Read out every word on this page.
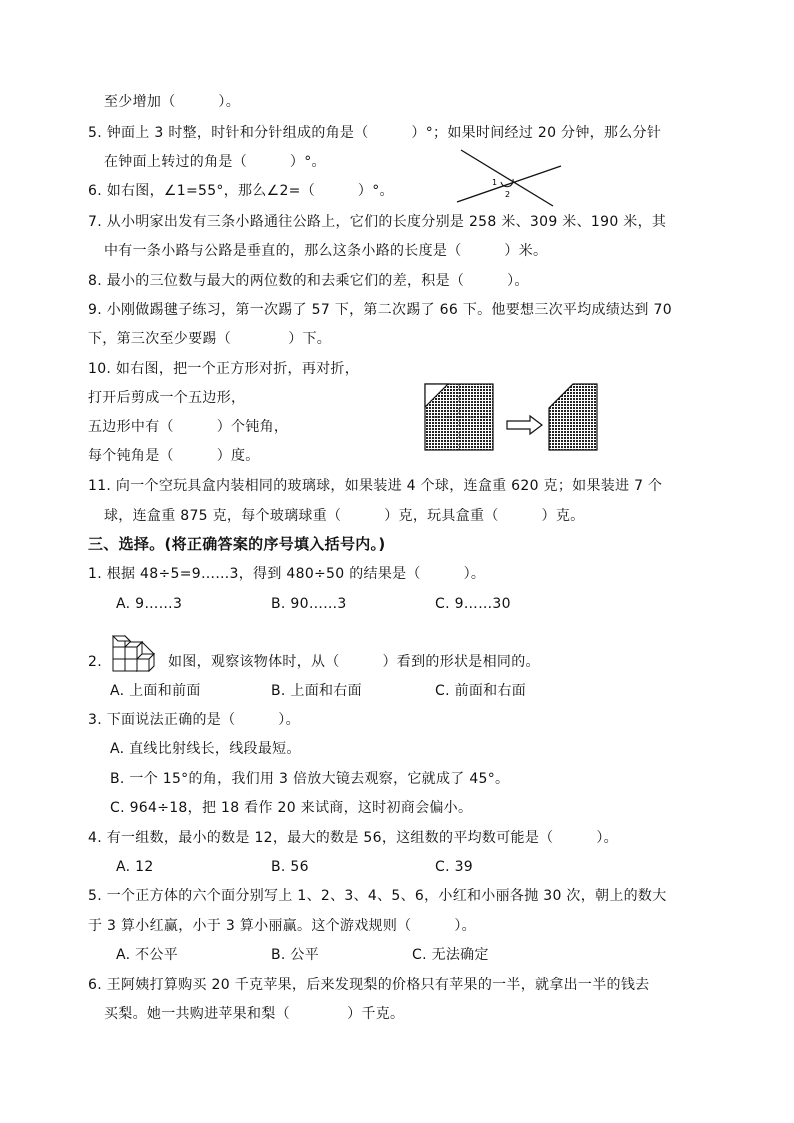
至少增加（　　　）。
5. 钟面上 3 时整，时针和分针组成的角是（　　　）°；如果时间经过 20 分钟，那么分针
在钟面上转过的角是（　　　）°。
6. 如右图，∠1=55°，那么∠2=（　　　）°。
1
2
7. 从小明家出发有三条小路通往公路上，它们的长度分别是 258 米、309 米、190 米，其
中有一条小路与公路是垂直的，那么这条小路的长度是（　　　）米。
8. 最小的三位数与最大的两位数的和去乘它们的差，积是（　　　）。
9. 小刚做踢毽子练习，第一次踢了 57 下，第二次踢了 66 下。他要想三次平均成绩达到 70
下，第三次至少要踢（　　　　）下。
10. 如右图，把一个正方形对折，再对折，
打开后剪成一个五边形，
五边形中有（　　　）个钝角，
每个钝角是（　　　）度。
11. 向一个空玩具盒内装相同的玻璃球，如果装进 4 个球，连盒重 620 克；如果装进 7 个
球，连盒重 875 克，每个玻璃球重（　　　）克，玩具盒重（　　　）克。
三、选择。(将正确答案的序号填入括号内。)
1. 根据 48÷5=9……3，得到 480÷50 的结果是（　　　）。
A. 9……3	B. 90……3	C. 9……30
2.	如图，观察该物体时，从（　　　）看到的形状是相同的。
A. 上面和前面	B. 上面和右面	C. 前面和右面
3. 下面说法正确的是（　　　）。
A. 直线比射线长，线段最短。
B. 一个 15°的角，我们用 3 倍放大镜去观察，它就成了 45°。
C. 964÷18，把 18 看作 20 来试商，这时初商会偏小。
4. 有一组数，最小的数是 12，最大的数是 56，这组数的平均数可能是（　　　）。
A. 12	B. 56	C. 39
5. 一个正方体的六个面分别写上 1、2、3、4、5、6，小红和小丽各抛 30 次，朝上的数大
于 3 算小红赢，小于 3 算小丽赢。这个游戏规则（　　　）。
A. 不公平	B. 公平	C. 无法确定
6. 王阿姨打算购买 20 千克苹果，后来发现梨的价格只有苹果的一半，就拿出一半的钱去
买梨。她一共购进苹果和梨（　　　　）千克。
